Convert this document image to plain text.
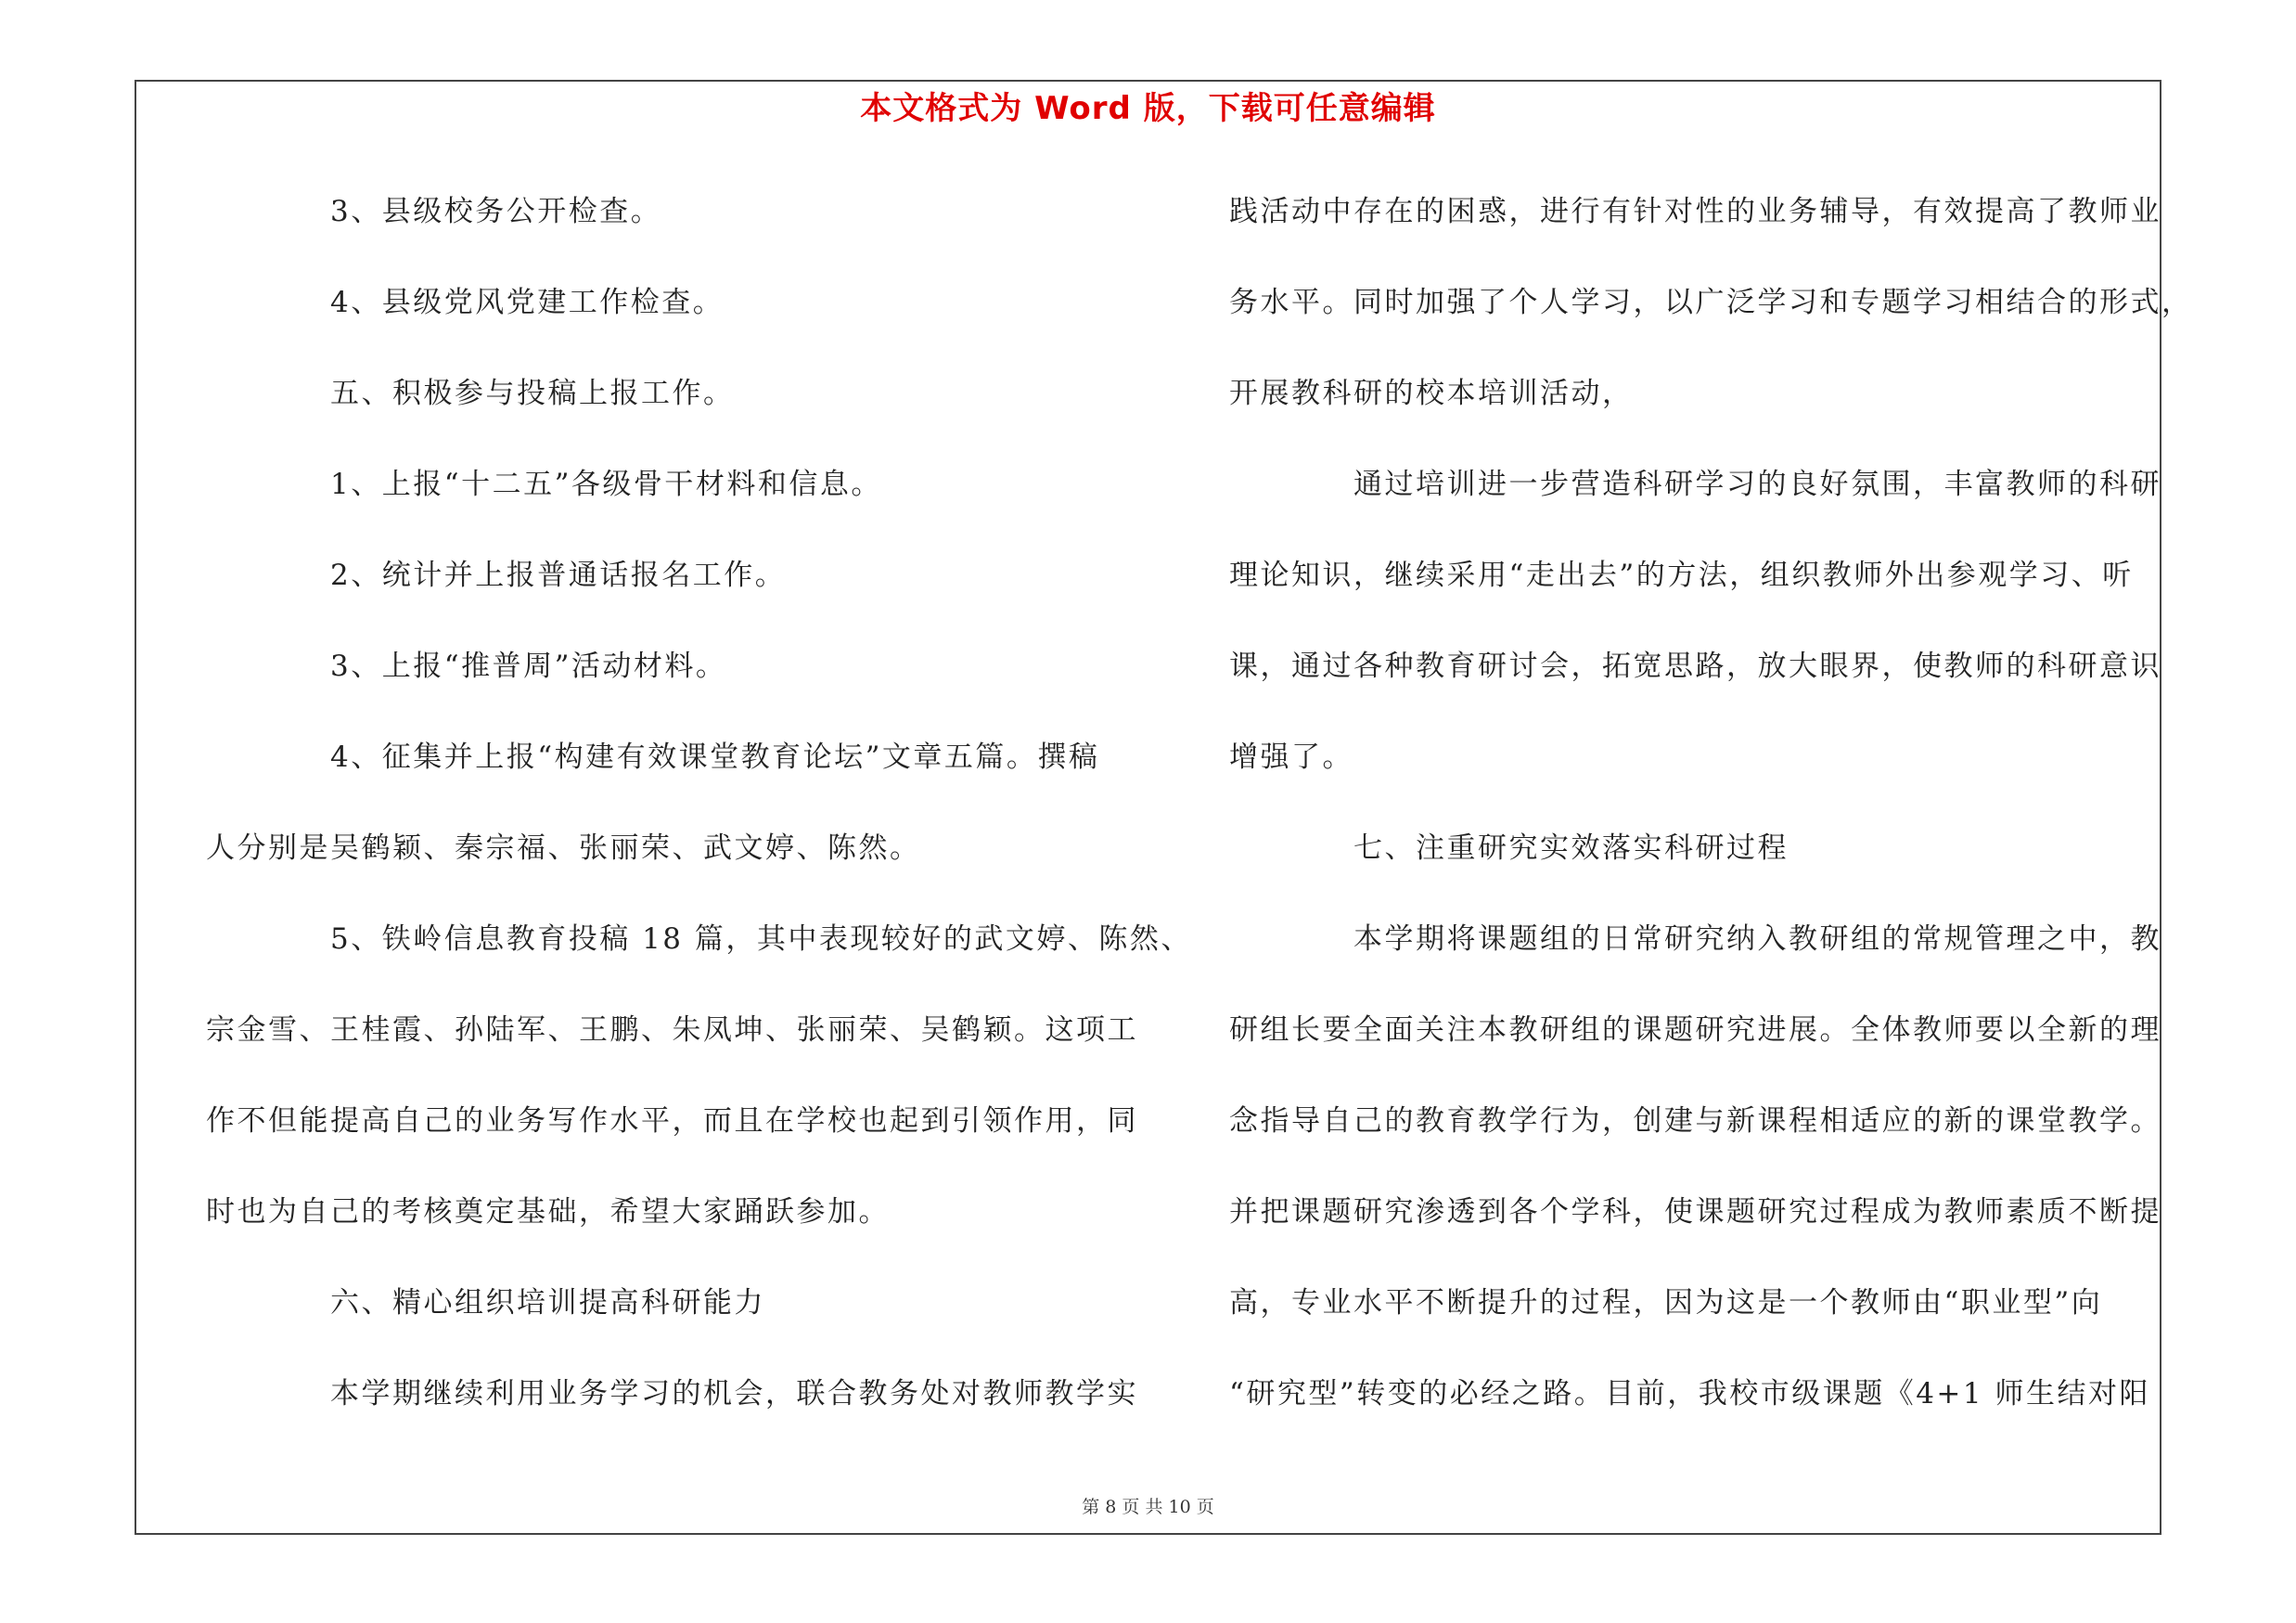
本文格式为 Word 版，下载可任意编辑
3、县级校务公开检查。
4、县级党风党建工作检查。
五、积极参与投稿上报工作。
1、上报“十二五”各级骨干材料和信息。
2、统计并上报普通话报名工作。
3、上报“推普周”活动材料。
4、征集并上报“构建有效课堂教育论坛”文章五篇。撰稿
人分别是吴鹤颖、秦宗福、张丽荣、武文婷、陈然。
5、铁岭信息教育投稿 18 篇，其中表现较好的武文婷、陈然、
宗金雪、王桂霞、孙陆军、王鹏、朱凤坤、张丽荣、吴鹤颖。这项工
作不但能提高自己的业务写作水平，而且在学校也起到引领作用，同
时也为自己的考核奠定基础，希望大家踊跃参加。
六、精心组织培训提高科研能力
本学期继续利用业务学习的机会，联合教务处对教师教学实
践活动中存在的困惑，进行有针对性的业务辅导，有效提高了教师业
务水平。同时加强了个人学习，以广泛学习和专题学习相结合的形式，
开展教科研的校本培训活动，
通过培训进一步营造科研学习的良好氛围，丰富教师的科研
理论知识，继续采用“走出去”的方法，组织教师外出参观学习、听
课，通过各种教育研讨会，拓宽思路，放大眼界，使教师的科研意识
增强了。
七、注重研究实效落实科研过程
本学期将课题组的日常研究纳入教研组的常规管理之中，教
研组长要全面关注本教研组的课题研究进展。全体教师要以全新的理
念指导自己的教育教学行为，创建与新课程相适应的新的课堂教学。
并把课题研究渗透到各个学科，使课题研究过程成为教师素质不断提
高，专业水平不断提升的过程，因为这是一个教师由“职业型”向
“研究型”转变的必经之路。目前，我校市级课题《4+1 师生结对阳
第 8 页 共 10 页
